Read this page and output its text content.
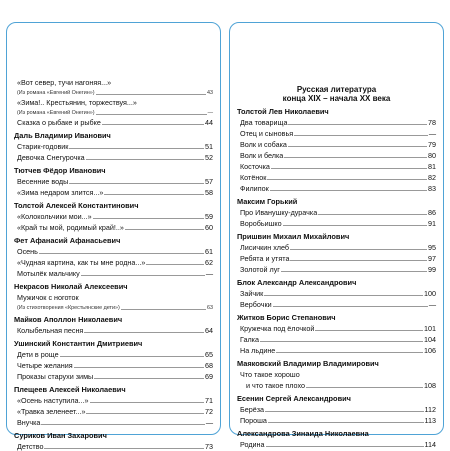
«Вот север, тучи нагоняя...»
(Из романа «Евгений Онегин»)	43
«Зима!.. Крестьянин, торжествуя...»
(Из романа «Евгений Онегин»)	—
Сказка о рыбаке и рыбке	44
Даль Владимир Иванович
Старик-годовик	51
Девочка Снегурочка	52
Тютчев Фёдор Иванович
Весенние воды	57
«Зима недаром злится...»	58
Толстой Алексей Константинович
«Колокольчики мои...»	59
«Край ты мой, родимый край!..»	60
Фет Афанасий Афанасьевич
Осень	61
«Чудная картина, как ты мне родна...»	62
Мотылёк мальчику	—
Некрасов Николай Алексеевич
Мужичок с ноготок
(Из стихотворения «Крестьянские дети»)	63
Майков Аполлон Николаевич
Колыбельная песня	64
Ушинский Константин Дмитриевич
Дети в роще	65
Четыре желания	68
Проказы старухи зимы	69
Плещеев Алексей Николаевич
«Осень наступила...»	71
«Травка зеленеет...»	72
Внучка	—
Суриков Иван Захарович
Детство	73
Русская литература
конца XIX – начала XX века
Толстой Лев Николаевич
Два товарища	78
Отец и сыновья	—
Волк и собака	79
Волк и белка	80
Косточка	81
Котёнок	82
Филипок	83
Максим Горький
Про Иванушку-дурачка	86
Воробьишко	91
Пришвин Михаил Михайлович
Лисичкин хлеб	95
Ребята и утята	97
Золотой луг	99
Блок Александр Александрович
Зайчик	100
Вербочки	—
Житков Борис Степанович
Кружечка под ёлочкой	101
Галка	104
На льдине	106
Маяковский Владимир Владимирович
Что такое хорошо
и что такое плохо	108
Есенин Сергей Александрович
Берёза	112
Пороша	113
Александрова Зинаида Николаевна
Родина	114
